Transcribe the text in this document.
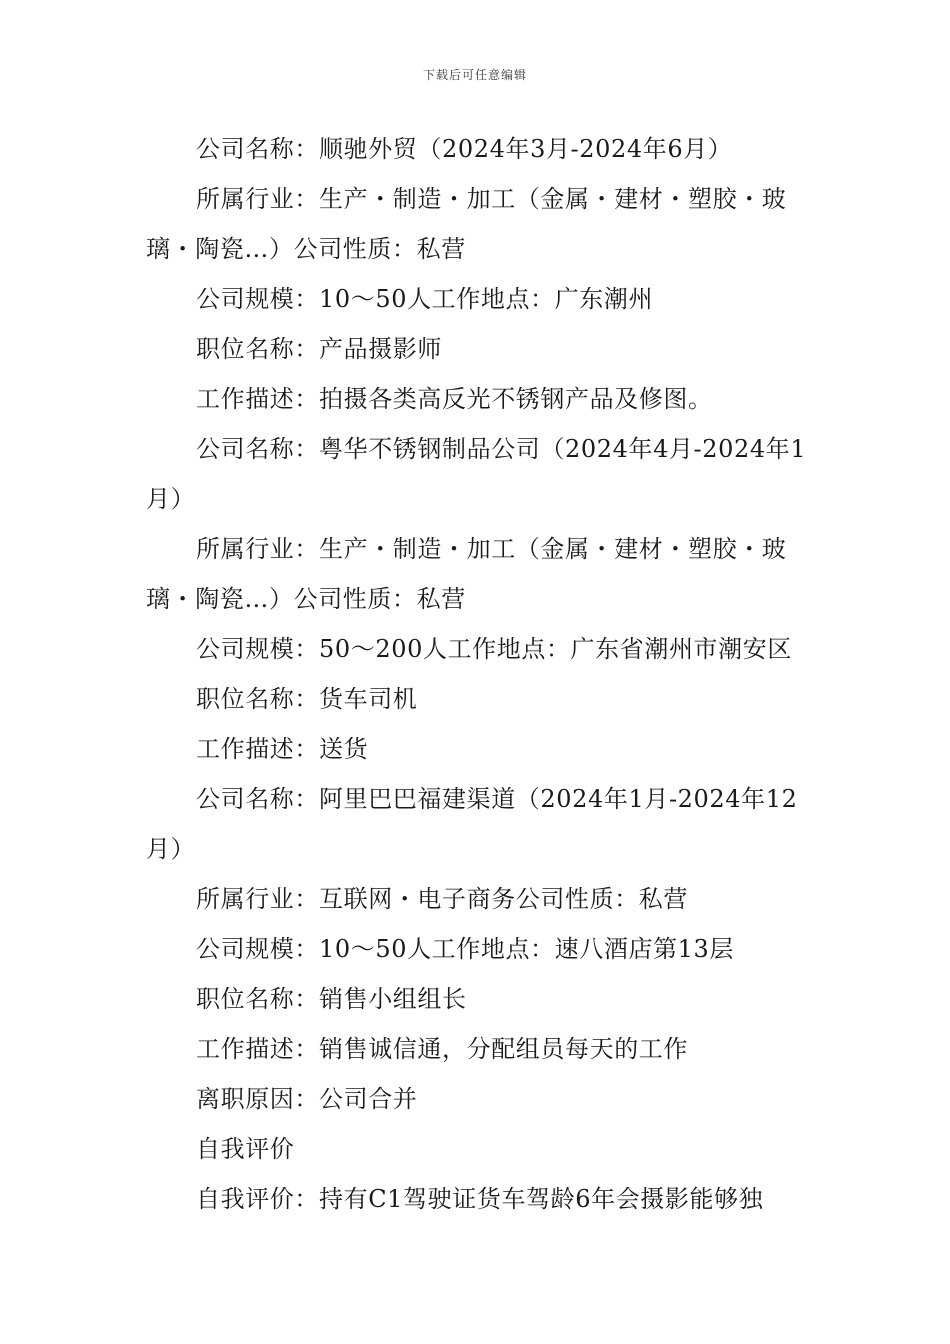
下载后可任意编辑

公司名称：顺驰外贸（2024年3月-2024年6月）

所属行业：生产・制造・加工（金属・建材・塑胶・玻璃・陶瓷…）公司性质：私营

公司规模：10～50人工作地点：广东潮州

职位名称：产品摄影师

工作描述：拍摄各类高反光不锈钢产品及修图。

公司名称：粤华不锈钢制品公司（2024年4月-2024年1月）

所属行业：生产・制造・加工（金属・建材・塑胶・玻璃・陶瓷…）公司性质：私营

公司规模：50～200人工作地点：广东省潮州市潮安区

职位名称：货车司机

工作描述：送货

公司名称：阿里巴巴福建渠道（2024年1月-2024年12月）

所属行业：互联网・电子商务公司性质：私营

公司规模：10～50人工作地点：速八酒店第13层

职位名称：销售小组组长

工作描述：销售诚信通，分配组员每天的工作

离职原因：公司合并

自我评价

自我评价：持有C1驾驶证货车驾龄6年会摄影能够独
